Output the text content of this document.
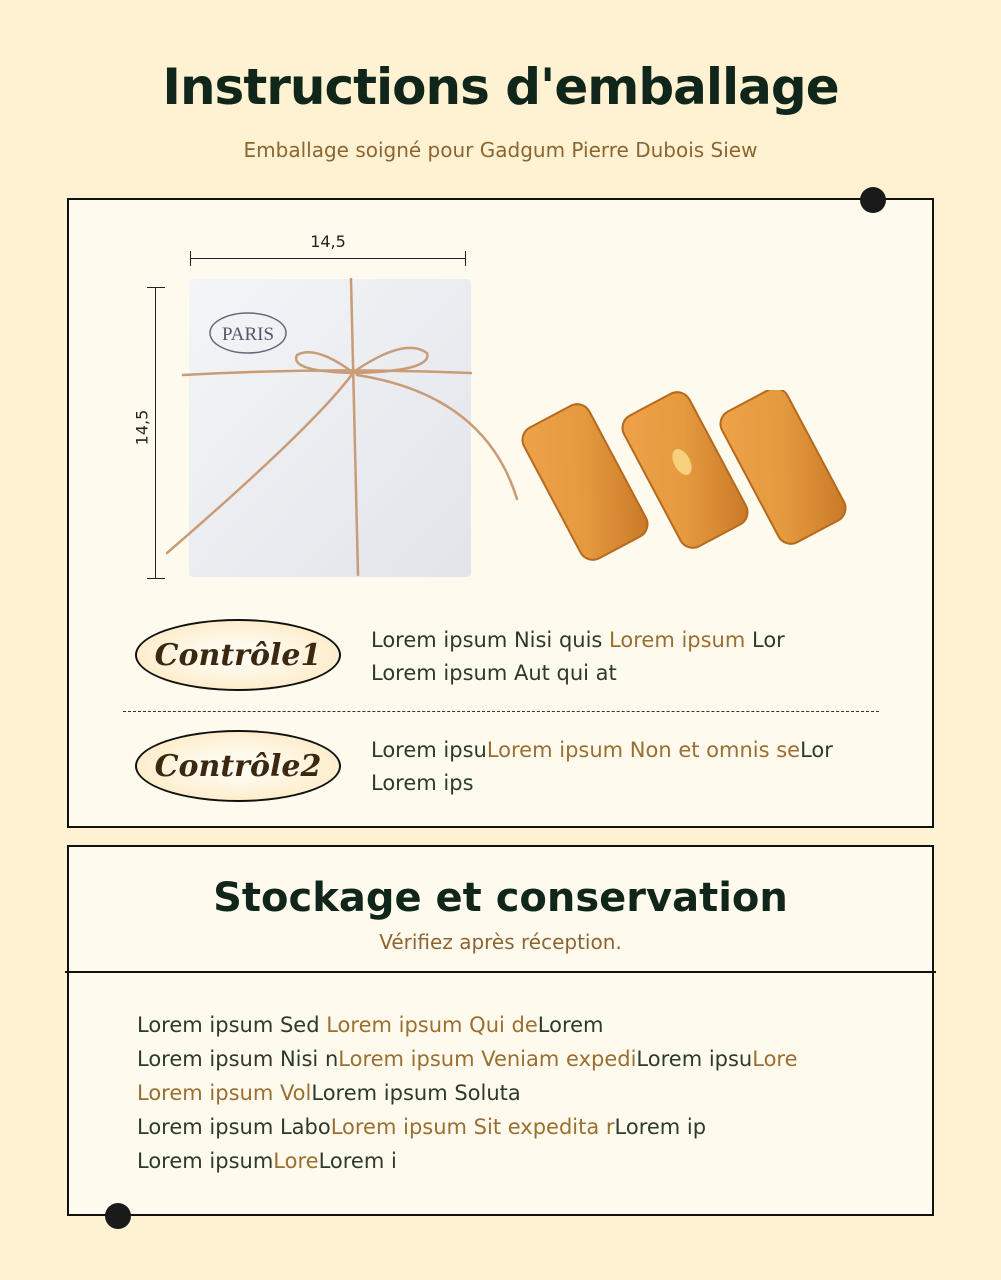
Instructions d'emballage
Emballage soigné pour Gadgum Pierre Dubois Siew
14,5
14,5
PARIS
Contrôle1	Lorem ipsum Nisi quis Lorem ipsum Lor
Lorem ipsum Aut qui at
Contrôle2	Lorem ipsuLorem ipsum Non et omnis seLor
Lorem ips
Stockage et conservation
Vérifiez après réception.
Lorem ipsum Sed Lorem ipsum Qui deLorem
Lorem ipsum Nisi nLorem ipsum Veniam expediLorem ipsuLore
Lorem ipsum VolLorem ipsum Soluta
Lorem ipsum LaboLorem ipsum Sit expedita rLorem ip
Lorem ipsumLoreLorem i
